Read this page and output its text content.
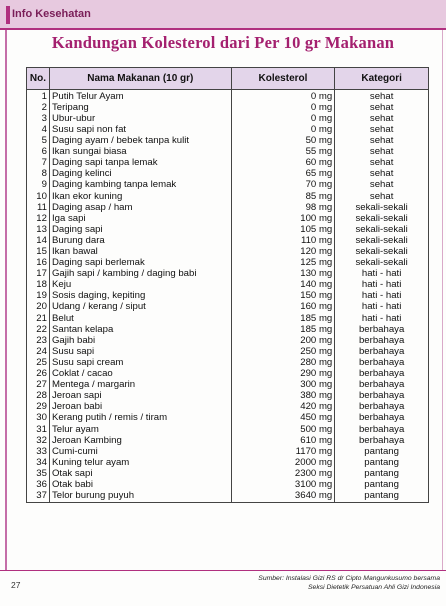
Info Kesehatan
Kandungan Kolesterol dari Per 10 gr Makanan
No.	Nama Makanan (10 gr)	Kolesterol	Kategori
1	Putih Telur Ayam	0 mg	sehat
2	Teripang	0 mg	sehat
3	Ubur-ubur	0 mg	sehat
4	Susu sapi non fat	0 mg	sehat
5	Daging ayam / bebek tanpa kulit	50 mg	sehat
6	Ikan sungai biasa	55 mg	sehat
7	Daging sapi tanpa lemak	60 mg	sehat
8	Daging kelinci	65 mg	sehat
9	Daging kambing tanpa lemak	70 mg	sehat
10	Ikan ekor kuning	85 mg	sehat
11	Daging asap / ham	98 mg	sekali-sekali
12	Iga sapi	100 mg	sekali-sekali
13	Daging sapi	105 mg	sekali-sekali
14	Burung dara	110 mg	sekali-sekali
15	Ikan bawal	120 mg	sekali-sekali
16	Daging sapi berlemak	125 mg	sekali-sekali
17	Gajih sapi / kambing / daging babi	130 mg	hati - hati
18	Keju	140 mg	hati - hati
19	Sosis daging, kepiting	150 mg	hati - hati
20	Udang / kerang / siput	160 mg	hati - hati
21	Belut	185 mg	hati - hati
22	Santan kelapa	185 mg	berbahaya
23	Gajih babi	200 mg	berbahaya
24	Susu sapi	250 mg	berbahaya
25	Susu sapi cream	280 mg	berbahaya
26	Coklat / cacao	290 mg	berbahaya
27	Mentega / margarin	300 mg	berbahaya
28	Jeroan sapi	380 mg	berbahaya
29	Jeroan babi	420 mg	berbahaya
30	Kerang putih / remis / tiram	450 mg	berbahaya
31	Telur ayam	500 mg	berbahaya
32	Jeroan Kambing	610 mg	berbahaya
33	Cumi-cumi	1170 mg	pantang
34	Kuning telur ayam	2000 mg	pantang
35	Otak sapi	2300 mg	pantang
36	Otak babi	3100 mg	pantang
37	Telor burung puyuh	3640 mg	pantang
27
Sumber: Instalasi Gizi RS dr Cipto Mangunkusumo bersama
Seksi Dietetik Persatuan Ahli Gizi Indonesia
